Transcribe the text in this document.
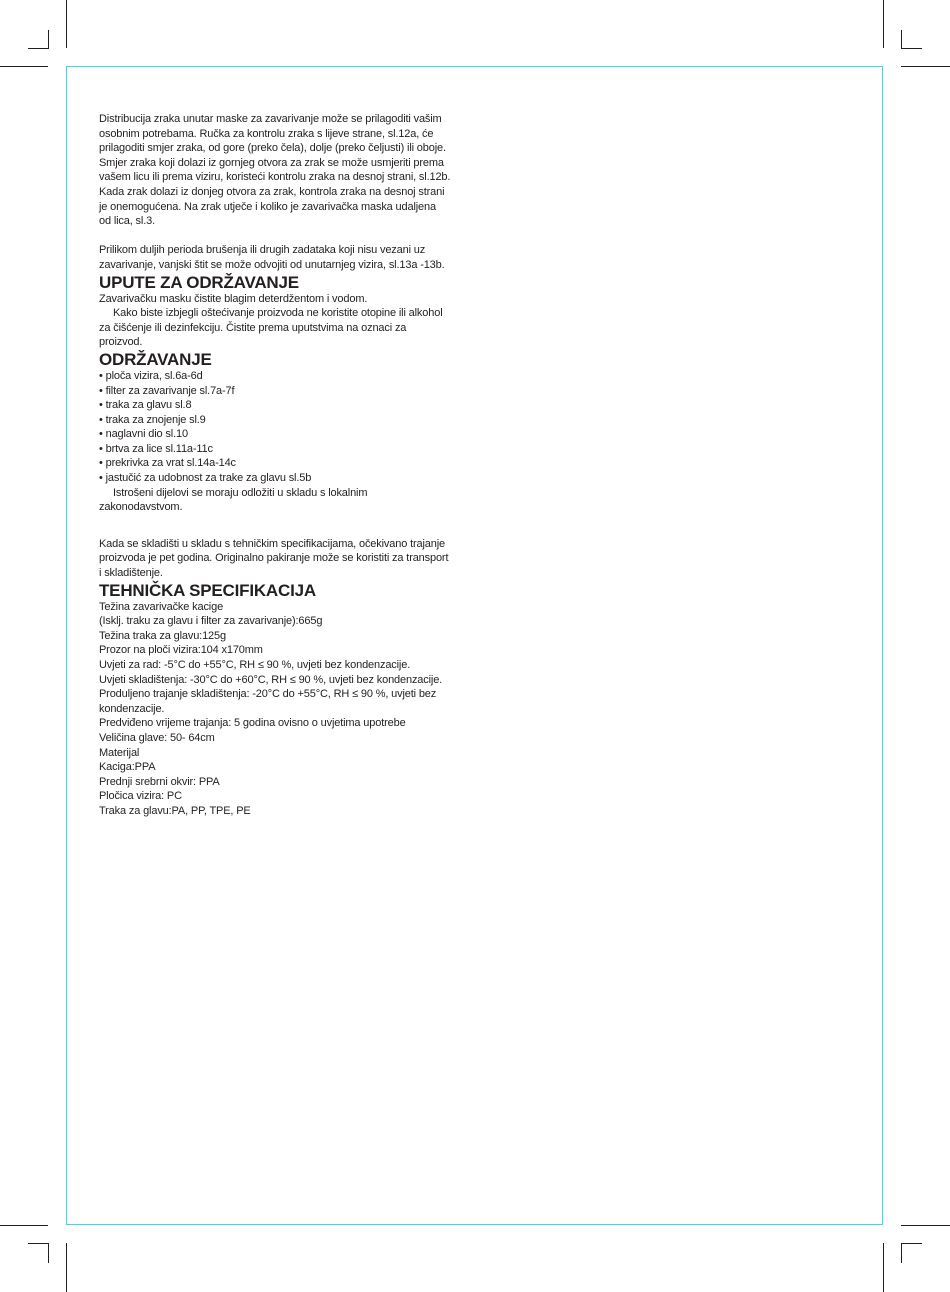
Distribucija zraka unutar maske za zavarivanje može se prilagoditi vašim
osobnim potrebama. Ručka za kontrolu zraka s lijeve strane, sl.12a, će
prilagoditi smjer zraka, od gore (preko čela), dolje (preko čeljusti) ili oboje.
Smjer zraka koji dolazi iz gornjeg otvora za zrak se može usmjeriti prema
vašem licu ili prema viziru, koristeći kontrolu zraka na desnoj strani, sl.12b.
Kada zrak dolazi iz donjeg otvora za zrak, kontrola zraka na desnoj strani
je onemogućena. Na zrak utječe i koliko je zavarivačka maska udaljena
od lica, sl.3.

Prilikom duljih perioda brušenja ili drugih zadataka koji nisu vezani uz
zavarivanje, vanjski štit se može odvojiti od unutarnjeg vizira, sl.13a -13b.

UPUTE ZA ODRŽAVANJE

Zavarivačku masku čistite blagim deterdžentom i vodom.

Kako biste izbjegli oštećivanje proizvoda ne koristite otopine ili alkohol
za čišćenje ili dezinfekciju. Čistite prema uputstvima na oznaci za
proizvod.

ODRŽAVANJE
• ploča vizira, sl.6a-6d
• filter za zavarivanje sl.7a-7f
• traka za glavu sl.8
• traka za znojenje sl.9
• naglavni dio sl.10
• brtva za lice sl.11a-11c
• prekrivka za vrat sl.14a-14c
• jastučić za udobnost za trake za glavu sl.5b

Istrošeni dijelovi se moraju odložiti u skladu s lokalnim
zakonodavstvom.

Kada se skladišti u skladu s tehničkim specifikacijama, očekivano trajanje
proizvoda je pet godina. Originalno pakiranje može se koristiti za transport
i skladištenje.

TEHNIČKA SPECIFIKACIJA

Težina zavarivačke kacige

(Isklj. traku za glavu i filter za zavarivanje):665g

Težina traka za glavu:125g

Prozor na ploči vizira:104 x170mm

Uvjeti za rad: -5°C do +55°C, RH ≤ 90 %, uvjeti bez kondenzacije.

Uvjeti skladištenja: -30°C do +60°C, RH ≤ 90 %, uvjeti bez kondenzacije.

Produljeno trajanje skladištenja: -20°C do +55°C, RH ≤ 90 %, uvjeti bez
kondenzacije.

Predviđeno vrijeme trajanja: 5 godina ovisno o uvjetima upotrebe

Veličina glave: 50- 64cm

Materijal

Kaciga:PPA

Prednji srebrni okvir: PPA

Pločica vizira: PC

Traka za glavu:PA, PP, TPE, PE
